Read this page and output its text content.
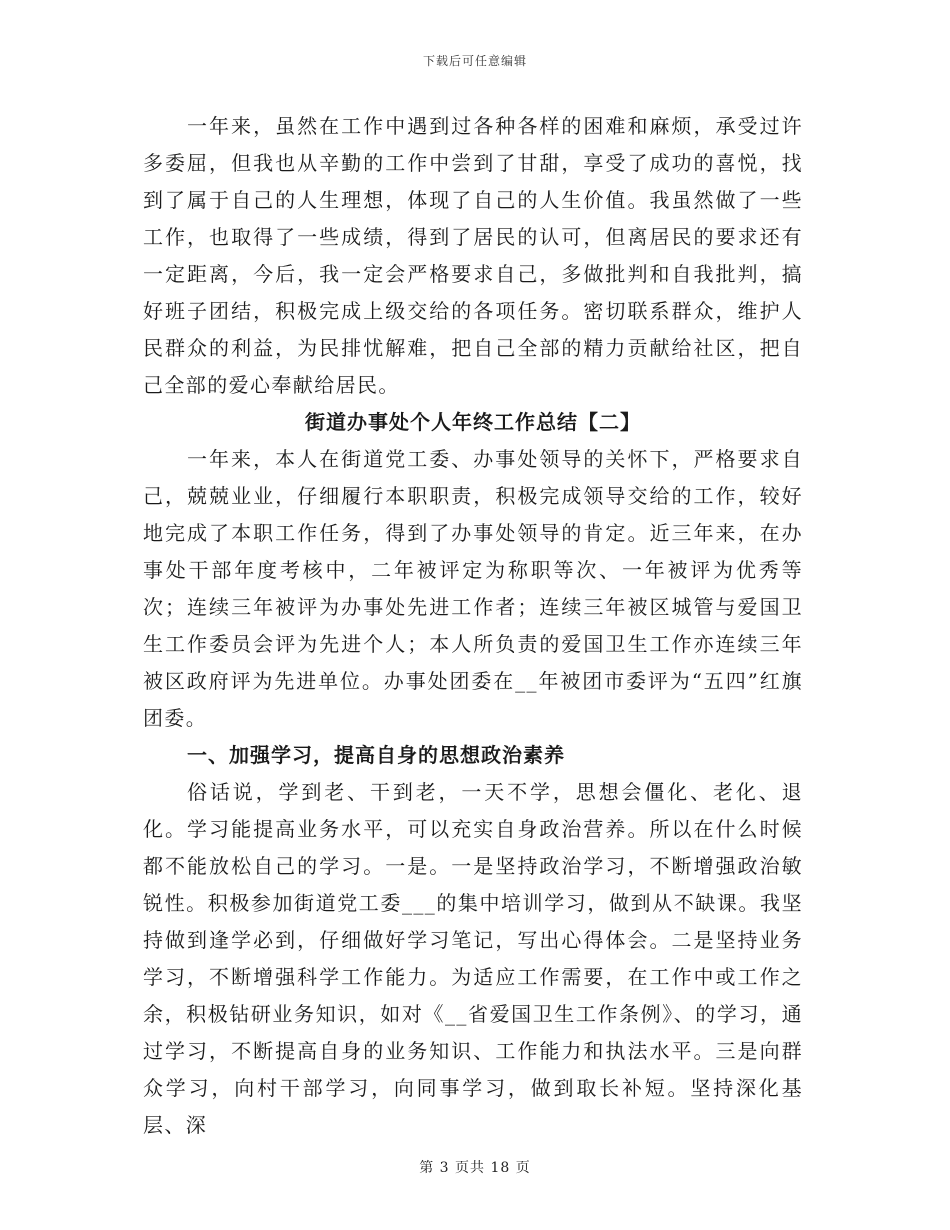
下载后可任意编辑

一年来，虽然在工作中遇到过各种各样的困难和麻烦，承受过许多委屈，但我也从辛勤的工作中尝到了甘甜，享受了成功的喜悦，找到了属于自己的人生理想，体现了自己的人生价值。我虽然做了一些工作，也取得了一些成绩，得到了居民的认可，但离居民的要求还有一定距离，今后，我一定会严格要求自己，多做批判和自我批判，搞好班子团结，积极完成上级交给的各项任务。密切联系群众，维护人民群众的利益，为民排忧解难，把自己全部的精力贡献给社区，把自己全部的爱心奉献给居民。

街道办事处个人年终工作总结【二】

一年来，本人在街道党工委、办事处领导的关怀下，严格要求自己，兢兢业业，仔细履行本职职责，积极完成领导交给的工作，较好地完成了本职工作任务，得到了办事处领导的肯定。近三年来，在办事处干部年度考核中，二年被评定为称职等次、一年被评为优秀等次；连续三年被评为办事处先进工作者；连续三年被区城管与爱国卫生工作委员会评为先进个人；本人所负责的爱国卫生工作亦连续三年被区政府评为先进单位。办事处团委在__年被团市委评为“五四”红旗团委。

一、加强学习，提高自身的思想政治素养

俗话说，学到老、干到老，一天不学，思想会僵化、老化、退化。学习能提高业务水平，可以充实自身政治营养。所以在什么时候都不能放松自己的学习。一是。一是坚持政治学习，不断增强政治敏锐性。积极参加街道党工委___的集中培训学习，做到从不缺课。我坚持做到逢学必到，仔细做好学习笔记，写出心得体会。二是坚持业务学习，不断增强科学工作能力。为适应工作需要，在工作中或工作之余，积极钻研业务知识，如对《__省爱国卫生工作条例》、的学习，通过学习，不断提高自身的业务知识、工作能力和执法水平。三是向群众学习，向村干部学习，向同事学习，做到取长补短。坚持深化基层、深

第 3 页共 18 页
